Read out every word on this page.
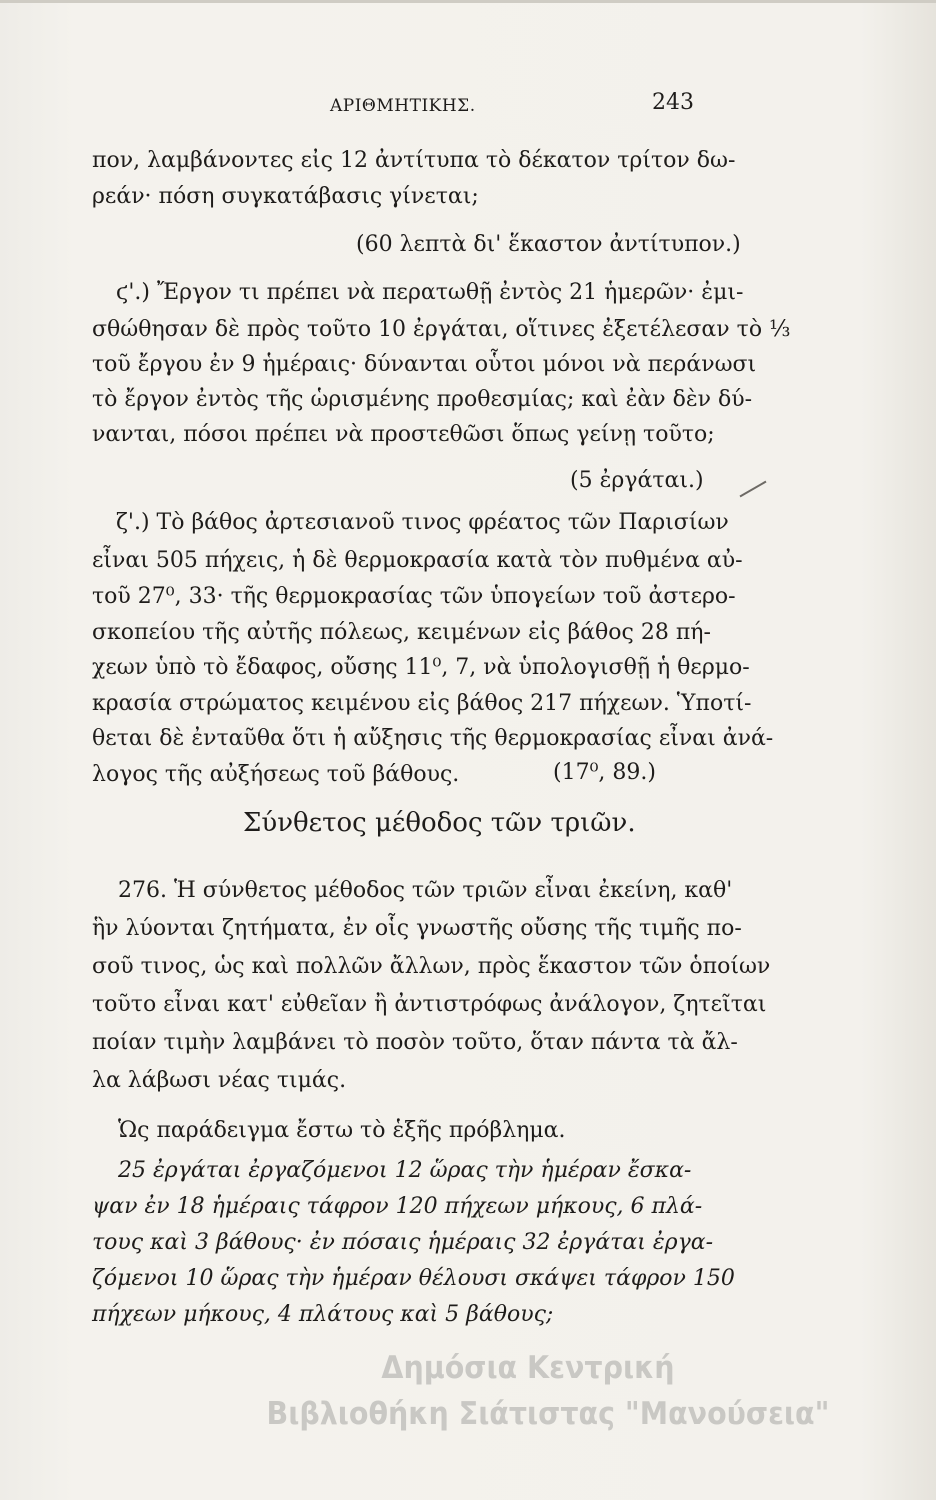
ΑΡΙΘΜΗΤΙΚΗΣ.	243
πον, λαμβάνοντες εἰς 12 ἀντίτυπα τὸ δέκατον τρίτον δω-
ρεάν· πόση συγκατάβασις γίνεται;
(60 λεπτὰ δι' ἕκαστον ἀντίτυπον.)
ϛ'.) Ἔργον τι πρέπει νὰ περατωθῇ ἐντὸς 21 ἡμερῶν· ἐμι-
σθώθησαν δὲ πρὸς τοῦτο 10 ἐργάται, οἵτινες ἐξετέλεσαν τὸ ⅓
τοῦ ἔργου ἐν 9 ἡμέραις· δύνανται οὗτοι μόνοι νὰ περάνωσι
τὸ ἔργον ἐντὸς τῆς ὡρισμένης προθεσμίας; καὶ ἐὰν δὲν δύ-
νανται, πόσοι πρέπει νὰ προστεθῶσι ὅπως γείνῃ τοῦτο;
(5 ἐργάται.)
ζ'.) Τὸ βάθος ἀρτεσιανοῦ τινος φρέατος τῶν Παρισίων
εἶναι 505 πήχεις, ἡ δὲ θερμοκρασία κατὰ τὸν πυθμένα αὐ-
τοῦ 27⁰, 33· τῆς θερμοκρασίας τῶν ὑπογείων τοῦ ἀστερο-
σκοπείου τῆς αὐτῆς πόλεως, κειμένων εἰς βάθος 28 πή-
χεων ὑπὸ τὸ ἔδαφος, οὔσης 11⁰, 7, νὰ ὑπολογισθῇ ἡ θερμο-
κρασία στρώματος κειμένου εἰς βάθος 217 πήχεων. Ὑποτί-
θεται δὲ ἐνταῦθα ὅτι ἡ αὔξησις τῆς θερμοκρασίας εἶναι ἀνά-
λογος τῆς αὐξήσεως τοῦ βάθους.	(17⁰, 89.)
Σύνθετος μέθοδος τῶν τριῶν.
276. Ἡ σύνθετος μέθοδος τῶν τριῶν εἶναι ἐκείνη, καθ'
ἣν λύονται ζητήματα, ἐν οἷς γνωστῆς οὔσης τῆς τιμῆς πο-
σοῦ τινος, ὡς καὶ πολλῶν ἄλλων, πρὸς ἕκαστον τῶν ὁποίων
τοῦτο εἶναι κατ' εὐθεῖαν ἢ ἀντιστρόφως ἀνάλογον, ζητεῖται
ποίαν τιμὴν λαμβάνει τὸ ποσὸν τοῦτο, ὅταν πάντα τὰ ἄλ-
λα λάβωσι νέας τιμάς.
Ὡς παράδειγμα ἔστω τὸ ἑξῆς πρόβλημα.
25 ἐργάται ἐργαζόμενοι 12 ὥρας τὴν ἡμέραν ἔσκα-
ψαν ἐν 18 ἡμέραις τάφρον 120 πήχεων μήκους, 6 πλά-
τους καὶ 3 βάθους· ἐν πόσαις ἡμέραις 32 ἐργάται ἐργα-
ζόμενοι 10 ὥρας τὴν ἡμέραν θέλουσι σκάψει τάφρον 150
πήχεων μήκους, 4 πλάτους καὶ 5 βάθους;
Δημόσια Κεντρική
Βιβλιοθήκη Σιάτιστας "Μανούσεια"
